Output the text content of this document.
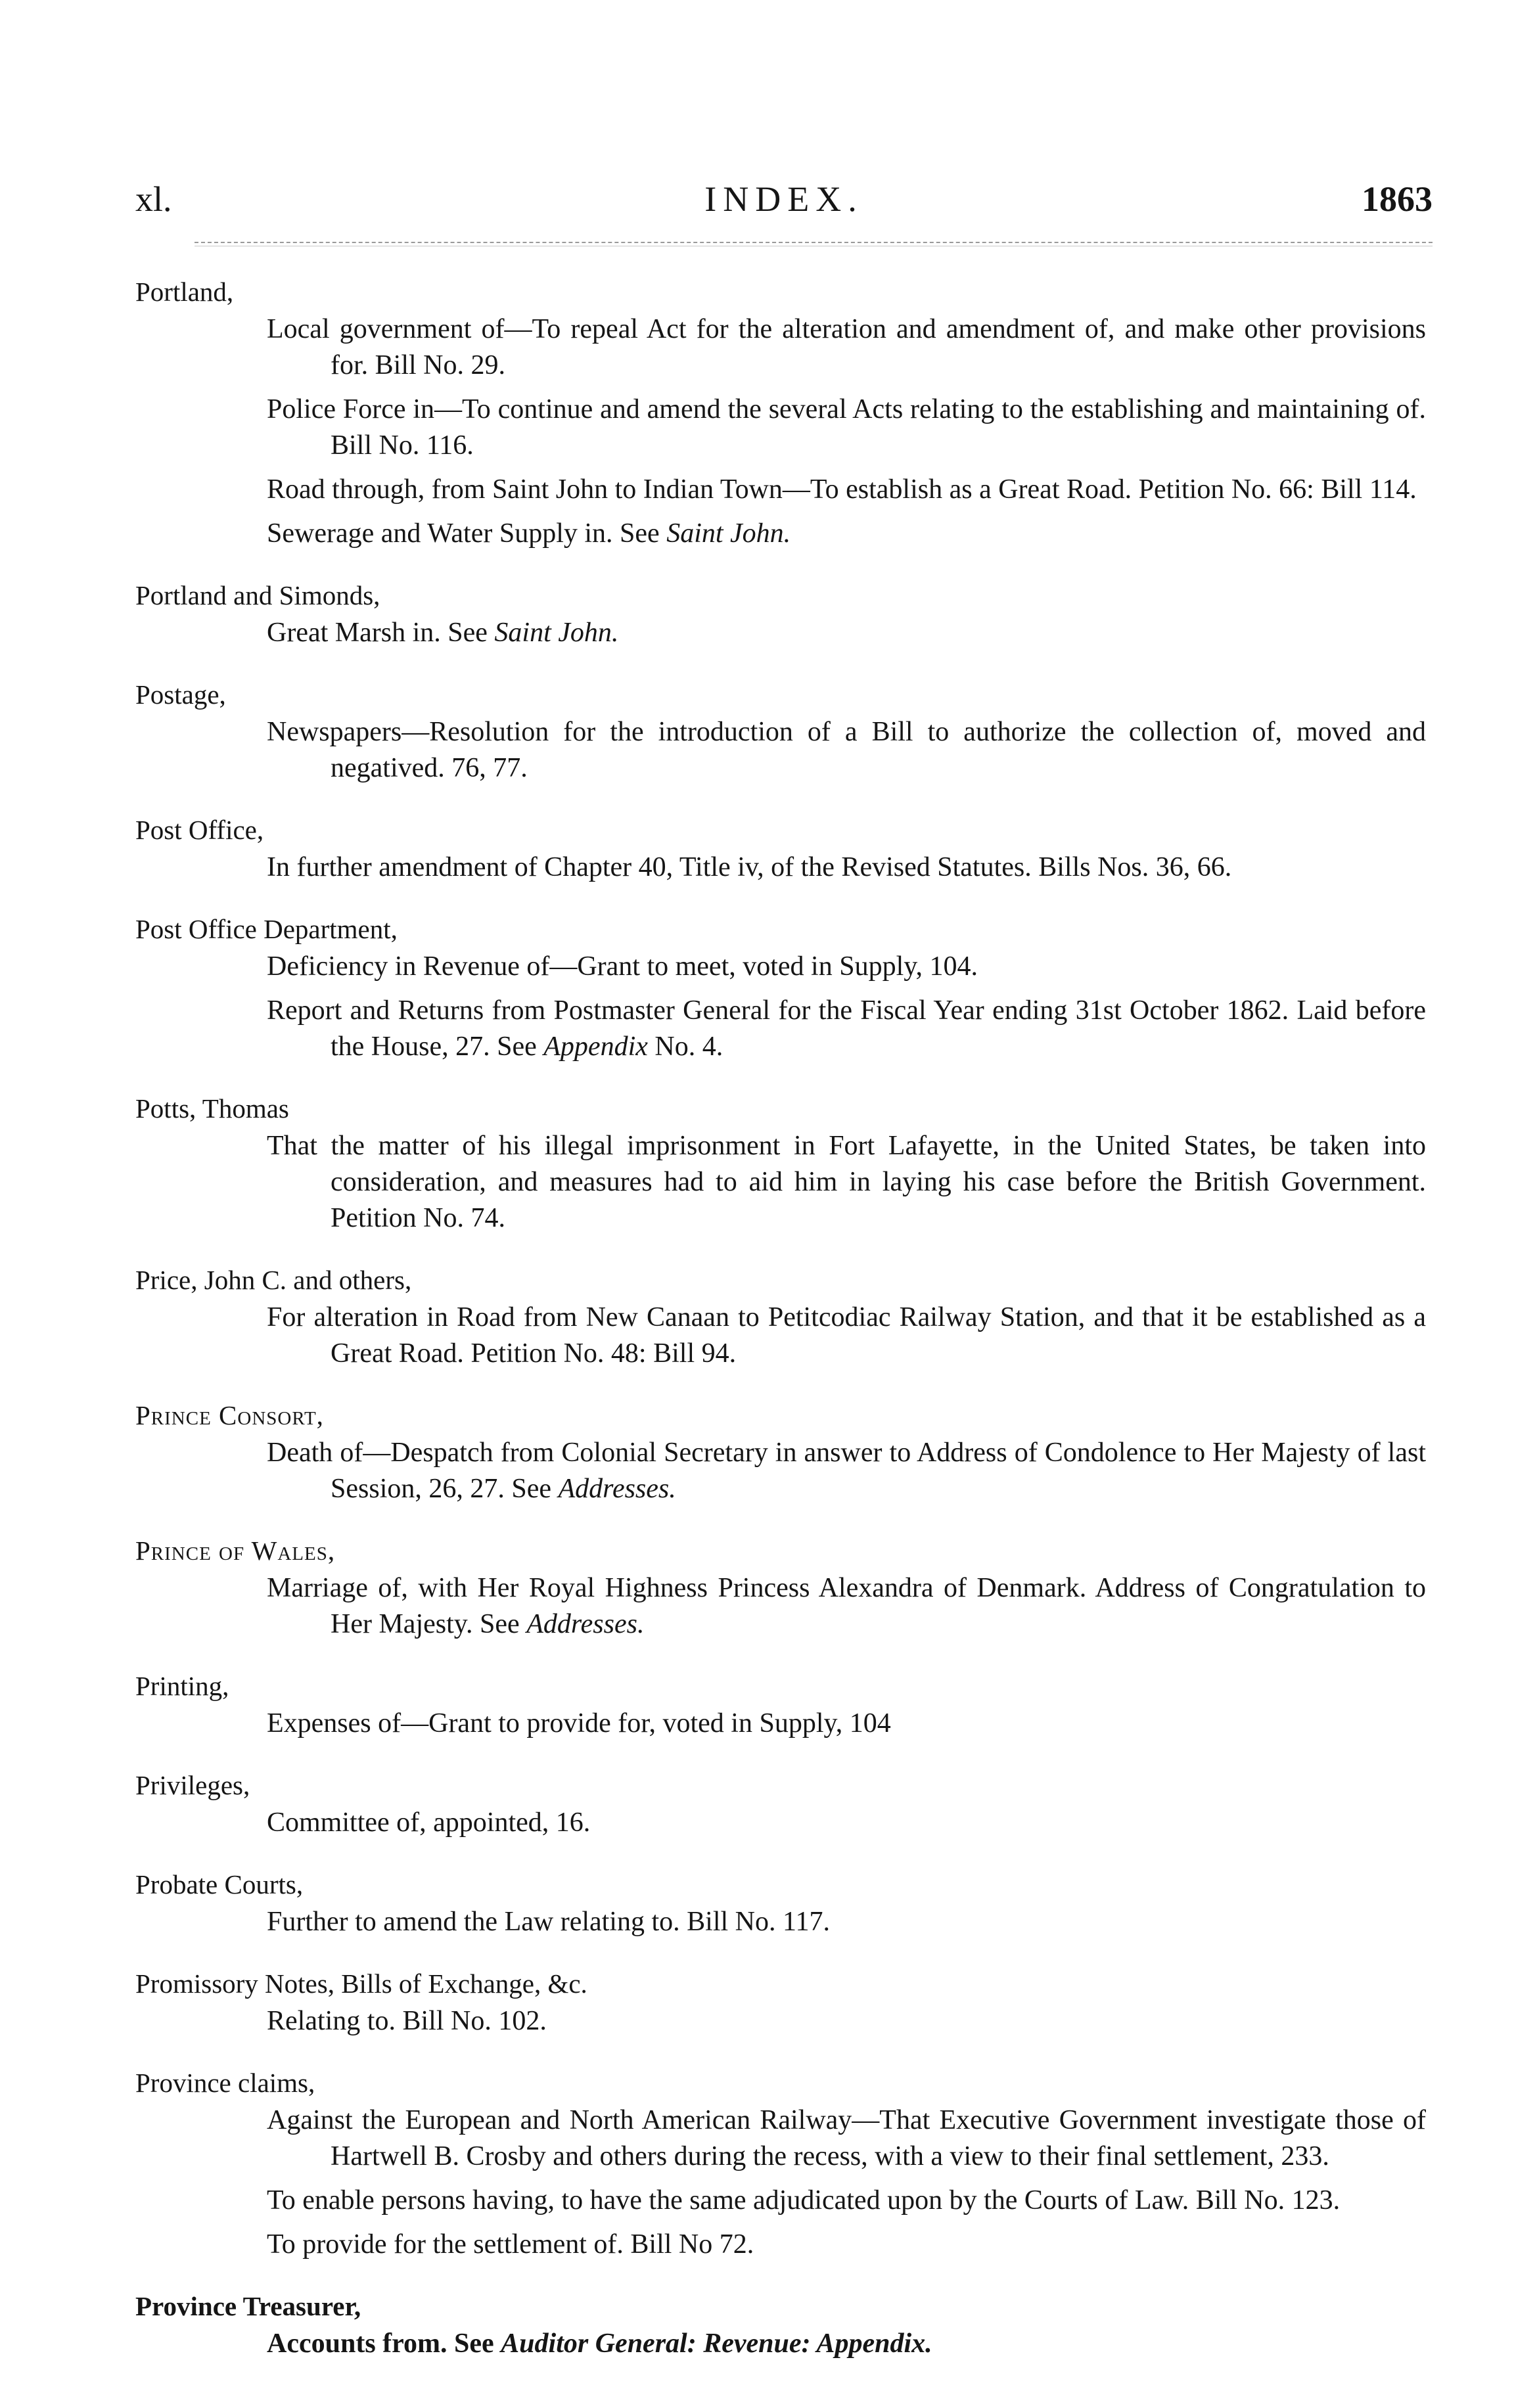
xl.	INDEX.	1863
Portland,
Local government of—To repeal Act for the alteration and amendment of, and make other provisions for. Bill No. 29.
Police Force in—To continue and amend the several Acts relating to the establishing and maintaining of. Bill No. 116.
Road through, from Saint John to Indian Town—To establish as a Great Road. Petition No. 66: Bill 114.
Sewerage and Water Supply in. See Saint John.
Portland and Simonds,
Great Marsh in. See Saint John.
Postage,
Newspapers—Resolution for the introduction of a Bill to authorize the collection of, moved and negatived. 76, 77.
Post Office,
In further amendment of Chapter 40, Title iv, of the Revised Statutes. Bills Nos. 36, 66.
Post Office Department,
Deficiency in Revenue of—Grant to meet, voted in Supply, 104.
Report and Returns from Postmaster General for the Fiscal Year ending 31st October 1862. Laid before the House, 27. See Appendix No. 4.
Potts, Thomas
That the matter of his illegal imprisonment in Fort Lafayette, in the United States, be taken into consideration, and measures had to aid him in laying his case before the British Government. Petition No. 74.
Price, John C. and others,
For alteration in Road from New Canaan to Petitcodiac Railway Station, and that it be established as a Great Road. Petition No. 48: Bill 94.
Prince Consort,
Death of—Despatch from Colonial Secretary in answer to Address of Condolence to Her Majesty of last Session, 26, 27. See Addresses.
Prince of Wales,
Marriage of, with Her Royal Highness Princess Alexandra of Denmark. Address of Congratulation to Her Majesty. See Addresses.
Printing,
Expenses of—Grant to provide for, voted in Supply, 104
Privileges,
Committee of, appointed, 16.
Probate Courts,
Further to amend the Law relating to. Bill No. 117.
Promissory Notes, Bills of Exchange, &c.
Relating to. Bill No. 102.
Province claims,
Against the European and North American Railway—That Executive Government investigate those of Hartwell B. Crosby and others during the recess, with a view to their final settlement, 233.
To enable persons having, to have the same adjudicated upon by the Courts of Law. Bill No. 123.
To provide for the settlement of. Bill No 72.
Province Treasurer,
Accounts from. See Auditor General: Revenue: Appendix.
